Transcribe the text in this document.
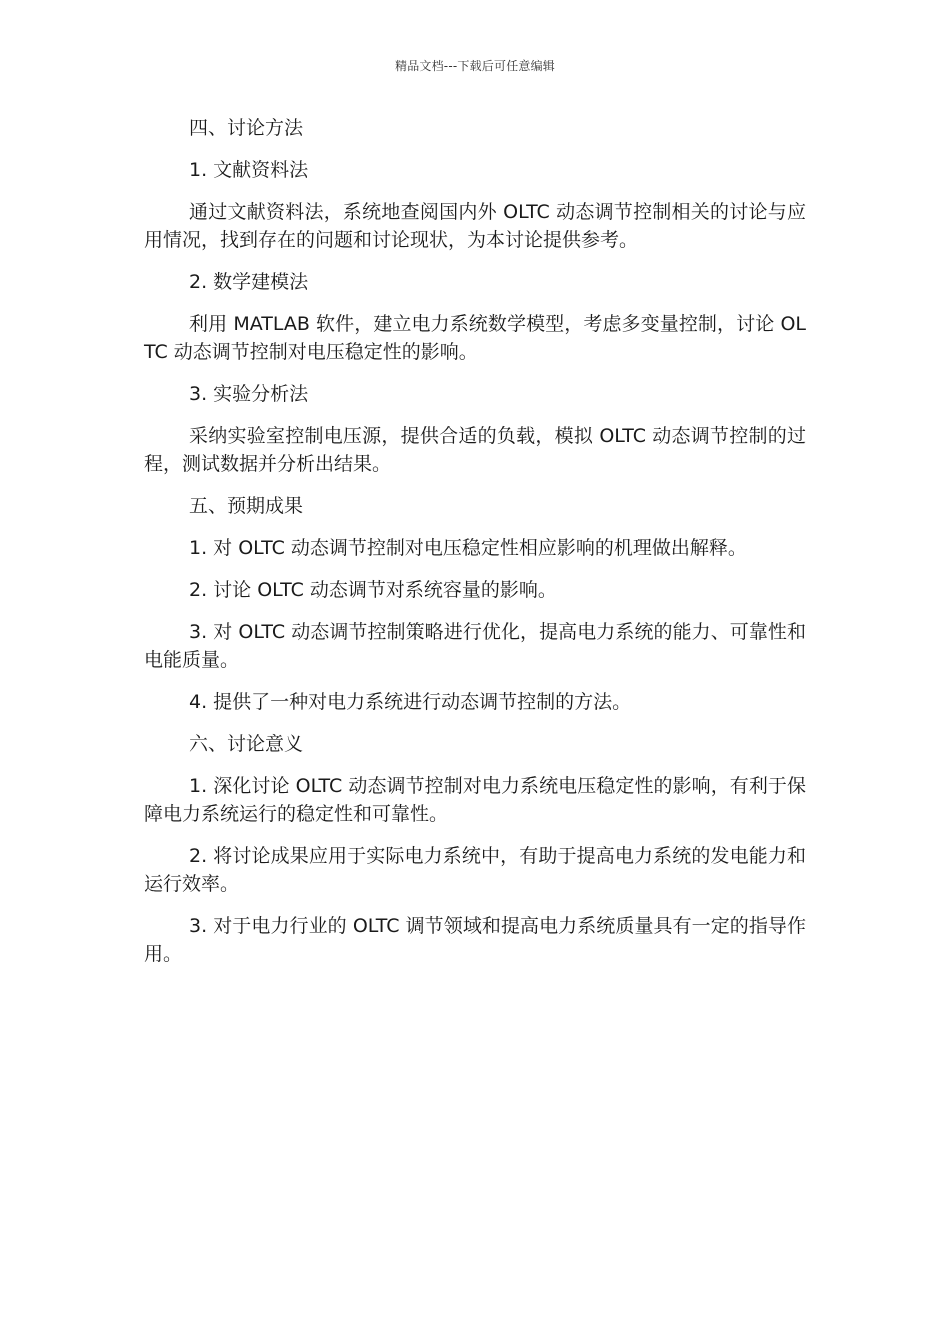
精品文档---下载后可任意编辑

四、讨论方法

1. 文献资料法

通过文献资料法，系统地查阅国内外 OLTC 动态调节控制相关的讨论与应用情况，找到存在的问题和讨论现状，为本讨论提供参考。

2. 数学建模法

利用 MATLAB 软件，建立电力系统数学模型，考虑多变量控制，讨论 OLTC 动态调节控制对电压稳定性的影响。

3. 实验分析法

采纳实验室控制电压源，提供合适的负载，模拟 OLTC 动态调节控制的过程，测试数据并分析出结果。

五、预期成果

1. 对 OLTC 动态调节控制对电压稳定性相应影响的机理做出解释。

2. 讨论 OLTC 动态调节对系统容量的影响。

3. 对 OLTC 动态调节控制策略进行优化，提高电力系统的能力、可靠性和电能质量。

4. 提供了一种对电力系统进行动态调节控制的方法。

六、讨论意义

1. 深化讨论 OLTC 动态调节控制对电力系统电压稳定性的影响，有利于保障电力系统运行的稳定性和可靠性。

2. 将讨论成果应用于实际电力系统中，有助于提高电力系统的发电能力和运行效率。

3. 对于电力行业的 OLTC 调节领域和提高电力系统质量具有一定的指导作用。
